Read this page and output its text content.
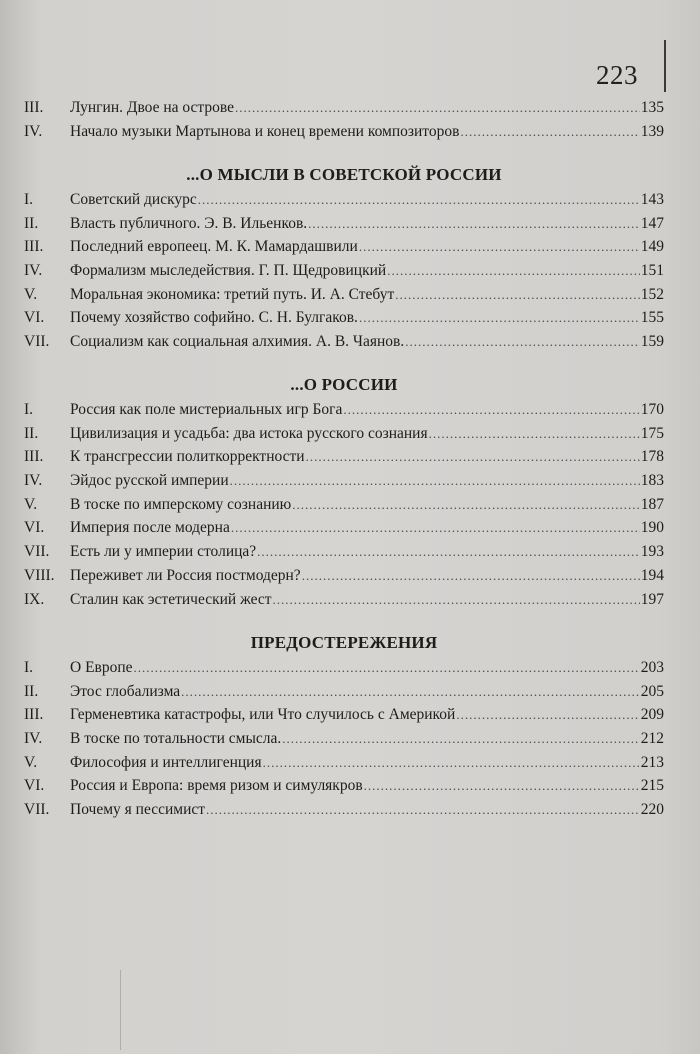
223
III.	Лунгин. Двое на острове .....	135
IV.	Начало музыки Мартынова и конец времени композиторов .....	139
...О МЫСЛИ В СОВЕТСКОЙ РОССИИ
I.	Советский дискурс .....	143
II.	Власть публичного. Э. В. Ильенков. .....	147
III.	Последний европеец. М. К. Мамардашвили .....	149
IV.	Формализм мыследействия. Г. П. Щедровицкий .....	151
V.	Моральная экономика: третий путь. И. А. Стебут .....	152
VI.	Почему хозяйство софийно. С. Н. Булгаков. .....	155
VII.	Социализм как социальная алхимия. А. В. Чаянов. .....	159
...О РОССИИ
I.	Россия как поле мистериальных игр Бога .....	170
II.	Цивилизация и усадьба: два истока русского сознания .....	175
III.	К трансгрессии политкорректности .....	178
IV.	Эйдос русской империи .....	183
V.	В тоске по имперскому сознанию .....	187
VI.	Империя после модерна .....	190
VII.	Есть ли у империи столица? .....	193
VIII. Переживет ли Россия постмодерн? .....	194
IX.	Сталин как эстетический жест .....	197
ПРЕДОСТЕРЕЖЕНИЯ
I.	О Европе .....	203
II.	Этос глобализма .....	205
III.	Герменевтика катастрофы, или Что случилось с Америкой .....	209
IV.	В тоске по тотальности смысла. .....	212
V.	Философия и интеллигенция .....	213
VI.	Россия и Европа: время ризом и симулякров .....	215
VII.	Почему я пессимист .....	220
